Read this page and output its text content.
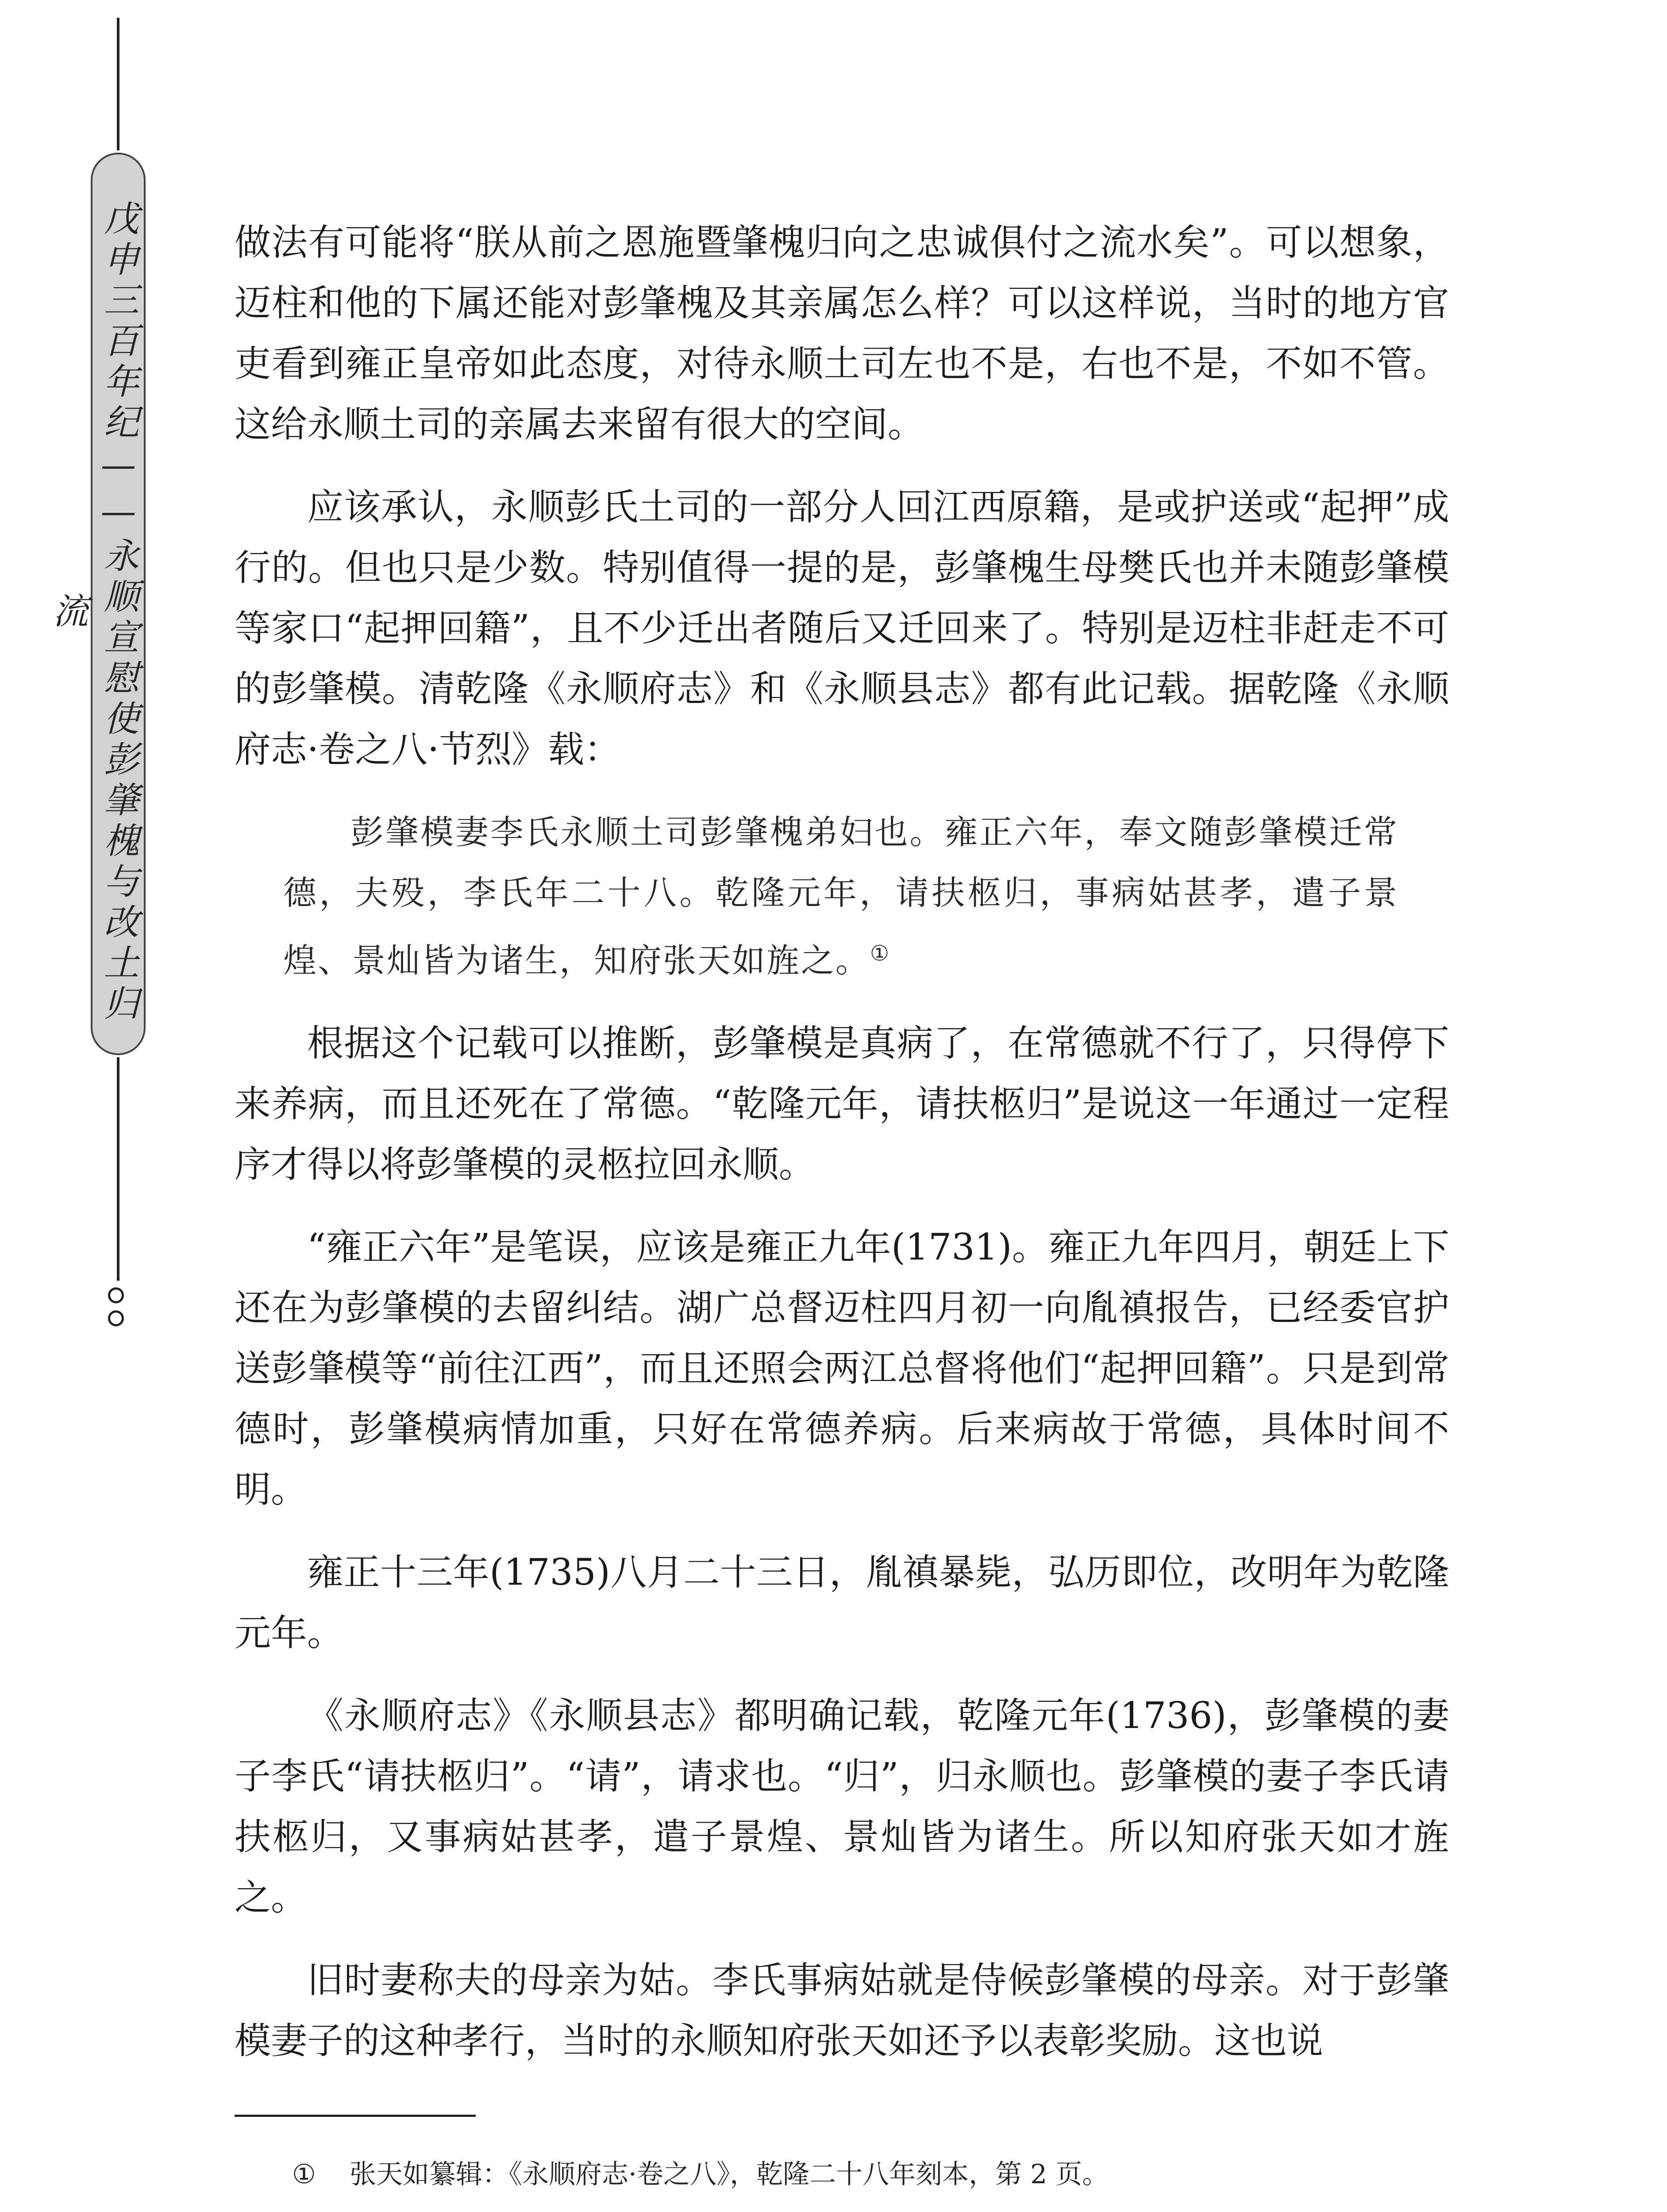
戊申三百年纪——永顺宣慰使彭肇槐与改土归流

做法有可能将“朕从前之恩施暨肇槐归向之忠诚俱付之流水矣”。可以想象，迈柱和他的下属还能对彭肇槐及其亲属怎么样？可以这样说，当时的地方官吏看到雍正皇帝如此态度，对待永顺土司左也不是，右也不是，不如不管。这给永顺土司的亲属去来留有很大的空间。

应该承认，永顺彭氏土司的一部分人回江西原籍，是或护送或“起押”成行的。但也只是少数。特别值得一提的是，彭肇槐生母樊氏也并未随彭肇模等家口“起押回籍”，且不少迁出者随后又迁回来了。特别是迈柱非赶走不可的彭肇模。清乾隆《永顺府志》和《永顺县志》都有此记载。据乾隆《永顺府志·卷之八·节烈》载：

彭肇模妻李氏永顺土司彭肇槐弟妇也。雍正六年，奉文随彭肇模迁常德，夫殁，李氏年二十八。乾隆元年，请扶柩归，事病姑甚孝，遣子景煌、景灿皆为诸生，知府张天如旌之。①

根据这个记载可以推断，彭肇模是真病了，在常德就不行了，只得停下来养病，而且还死在了常德。“乾隆元年，请扶柩归”是说这一年通过一定程序才得以将彭肇模的灵柩拉回永顺。

“雍正六年”是笔误，应该是雍正九年(1731)。雍正九年四月，朝廷上下还在为彭肇模的去留纠结。湖广总督迈柱四月初一向胤禛报告，已经委官护送彭肇模等“前往江西”，而且还照会两江总督将他们“起押回籍”。只是到常德时，彭肇模病情加重，只好在常德养病。后来病故于常德，具体时间不明。

雍正十三年(1735)八月二十三日，胤禛暴毙，弘历即位，改明年为乾隆元年。

《永顺府志》《永顺县志》都明确记载，乾隆元年(1736)，彭肇模的妻子李氏“请扶柩归”。“请”，请求也。“归”，归永顺也。彭肇模的妻子李氏请扶柩归，又事病姑甚孝，遣子景煌、景灿皆为诸生。所以知府张天如才旌之。

旧时妻称夫的母亲为姑。李氏事病姑就是侍候彭肇模的母亲。对于彭肇模妻子的这种孝行，当时的永顺知府张天如还予以表彰奖励。这也说

① 张天如纂辑：《永顺府志·卷之八》，乾隆二十八年刻本，第 2 页。
